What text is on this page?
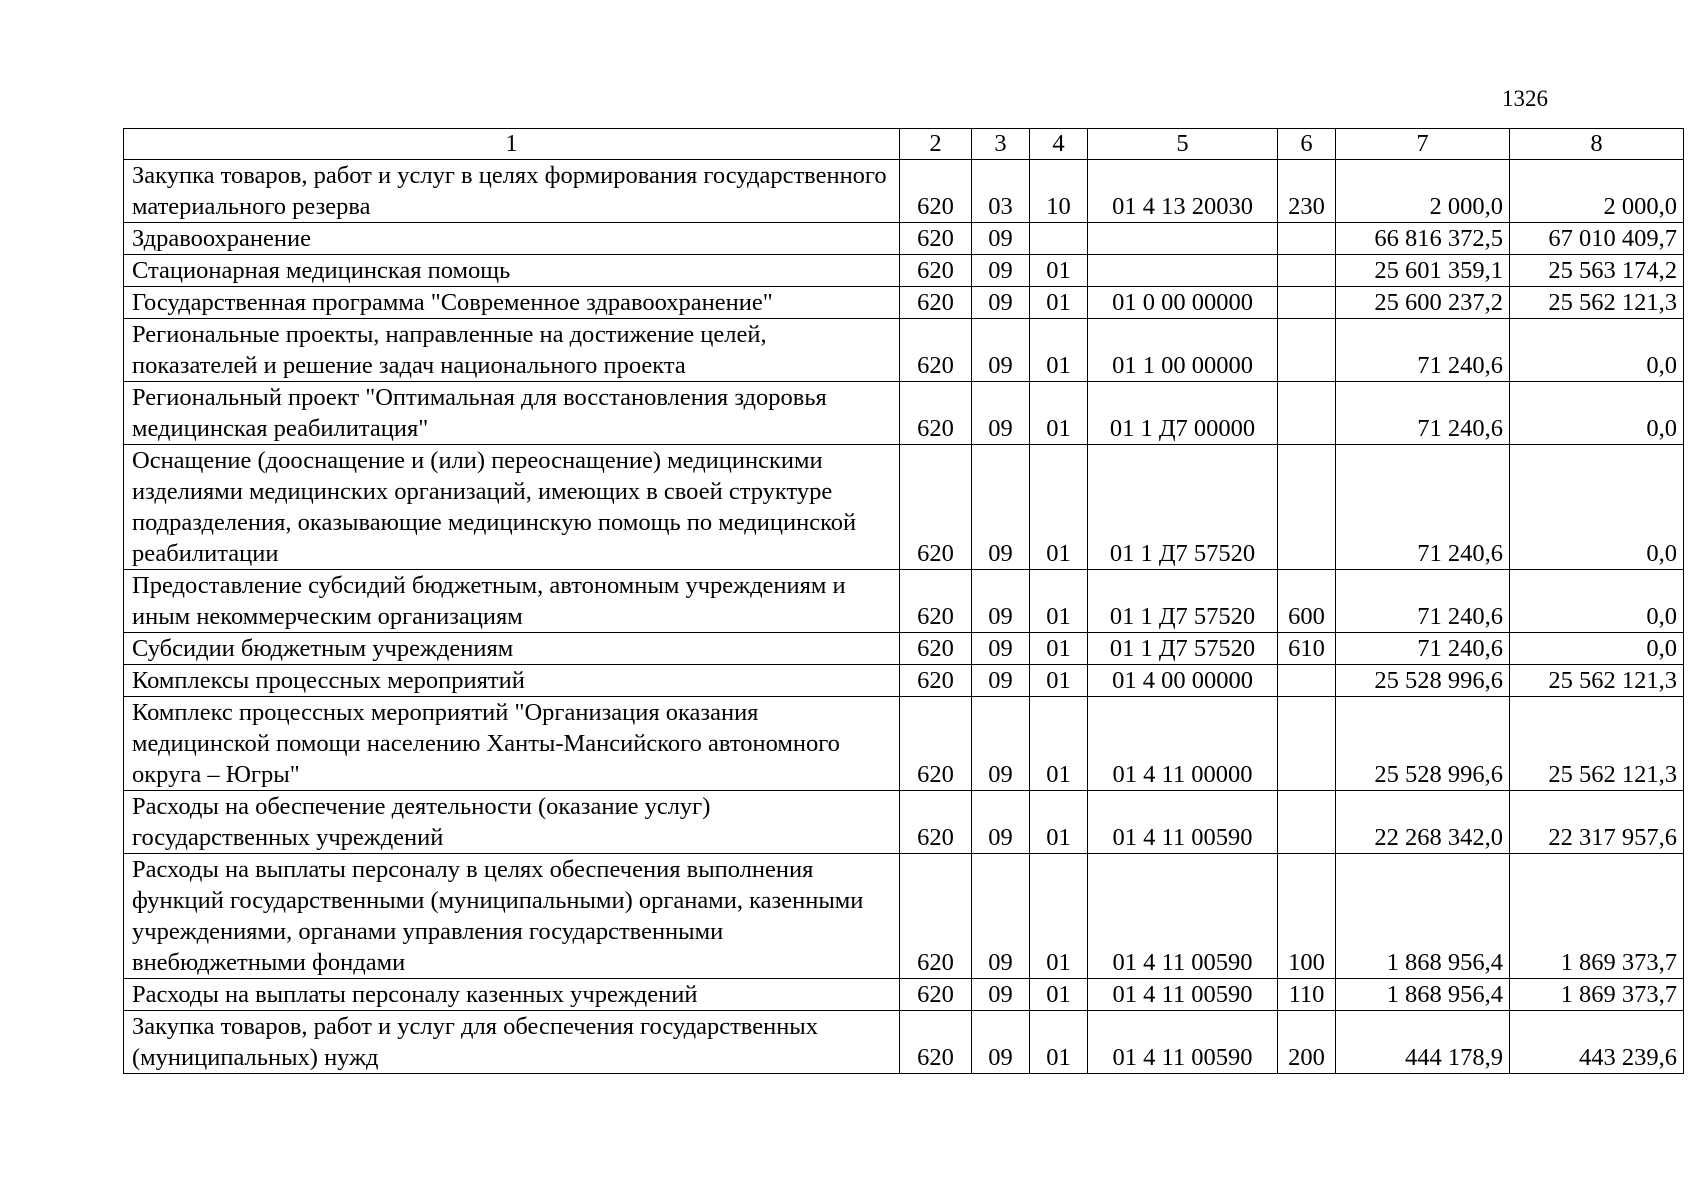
1326
1	2	3	4	5	6	7	8
Закупка товаров, работ и услуг в целях формирования государственного материального резерва	620	03	10	01 4 13 20030	230	2 000,0	2 000,0
Здравоохранение	620	09				66 816 372,5	67 010 409,7
Стационарная медицинская помощь	620	09	01			25 601 359,1	25 563 174,2
Государственная программа "Современное здравоохранение"	620	09	01	01 0 00 00000		25 600 237,2	25 562 121,3
Региональные проекты, направленные на достижение целей, показателей и решение задач национального проекта	620	09	01	01 1 00 00000		71 240,6	0,0
Региональный проект "Оптимальная для восстановления здоровья медицинская реабилитация"	620	09	01	01 1 Д7 00000		71 240,6	0,0
Оснащение (дооснащение и (или) переоснащение) медицинскими изделиями медицинских организаций, имеющих в своей структуре подразделения, оказывающие медицинскую помощь по медицинской реабилитации	620	09	01	01 1 Д7 57520		71 240,6	0,0
Предоставление субсидий бюджетным, автономным учреждениям и иным некоммерческим организациям	620	09	01	01 1 Д7 57520	600	71 240,6	0,0
Субсидии бюджетным учреждениям	620	09	01	01 1 Д7 57520	610	71 240,6	0,0
Комплексы процессных мероприятий	620	09	01	01 4 00 00000		25 528 996,6	25 562 121,3
Комплекс процессных мероприятий "Организация оказания медицинской помощи населению Ханты-Мансийского автономного округа – Югры"	620	09	01	01 4 11 00000		25 528 996,6	25 562 121,3
Расходы на обеспечение деятельности (оказание услуг) государственных учреждений	620	09	01	01 4 11 00590		22 268 342,0	22 317 957,6
Расходы на выплаты персоналу в целях обеспечения выполнения функций государственными (муниципальными) органами, казенными учреждениями, органами управления государственными внебюджетными фондами	620	09	01	01 4 11 00590	100	1 868 956,4	1 869 373,7
Расходы на выплаты персоналу казенных учреждений	620	09	01	01 4 11 00590	110	1 868 956,4	1 869 373,7
Закупка товаров, работ и услуг для обеспечения государственных (муниципальных) нужд	620	09	01	01 4 11 00590	200	444 178,9	443 239,6
